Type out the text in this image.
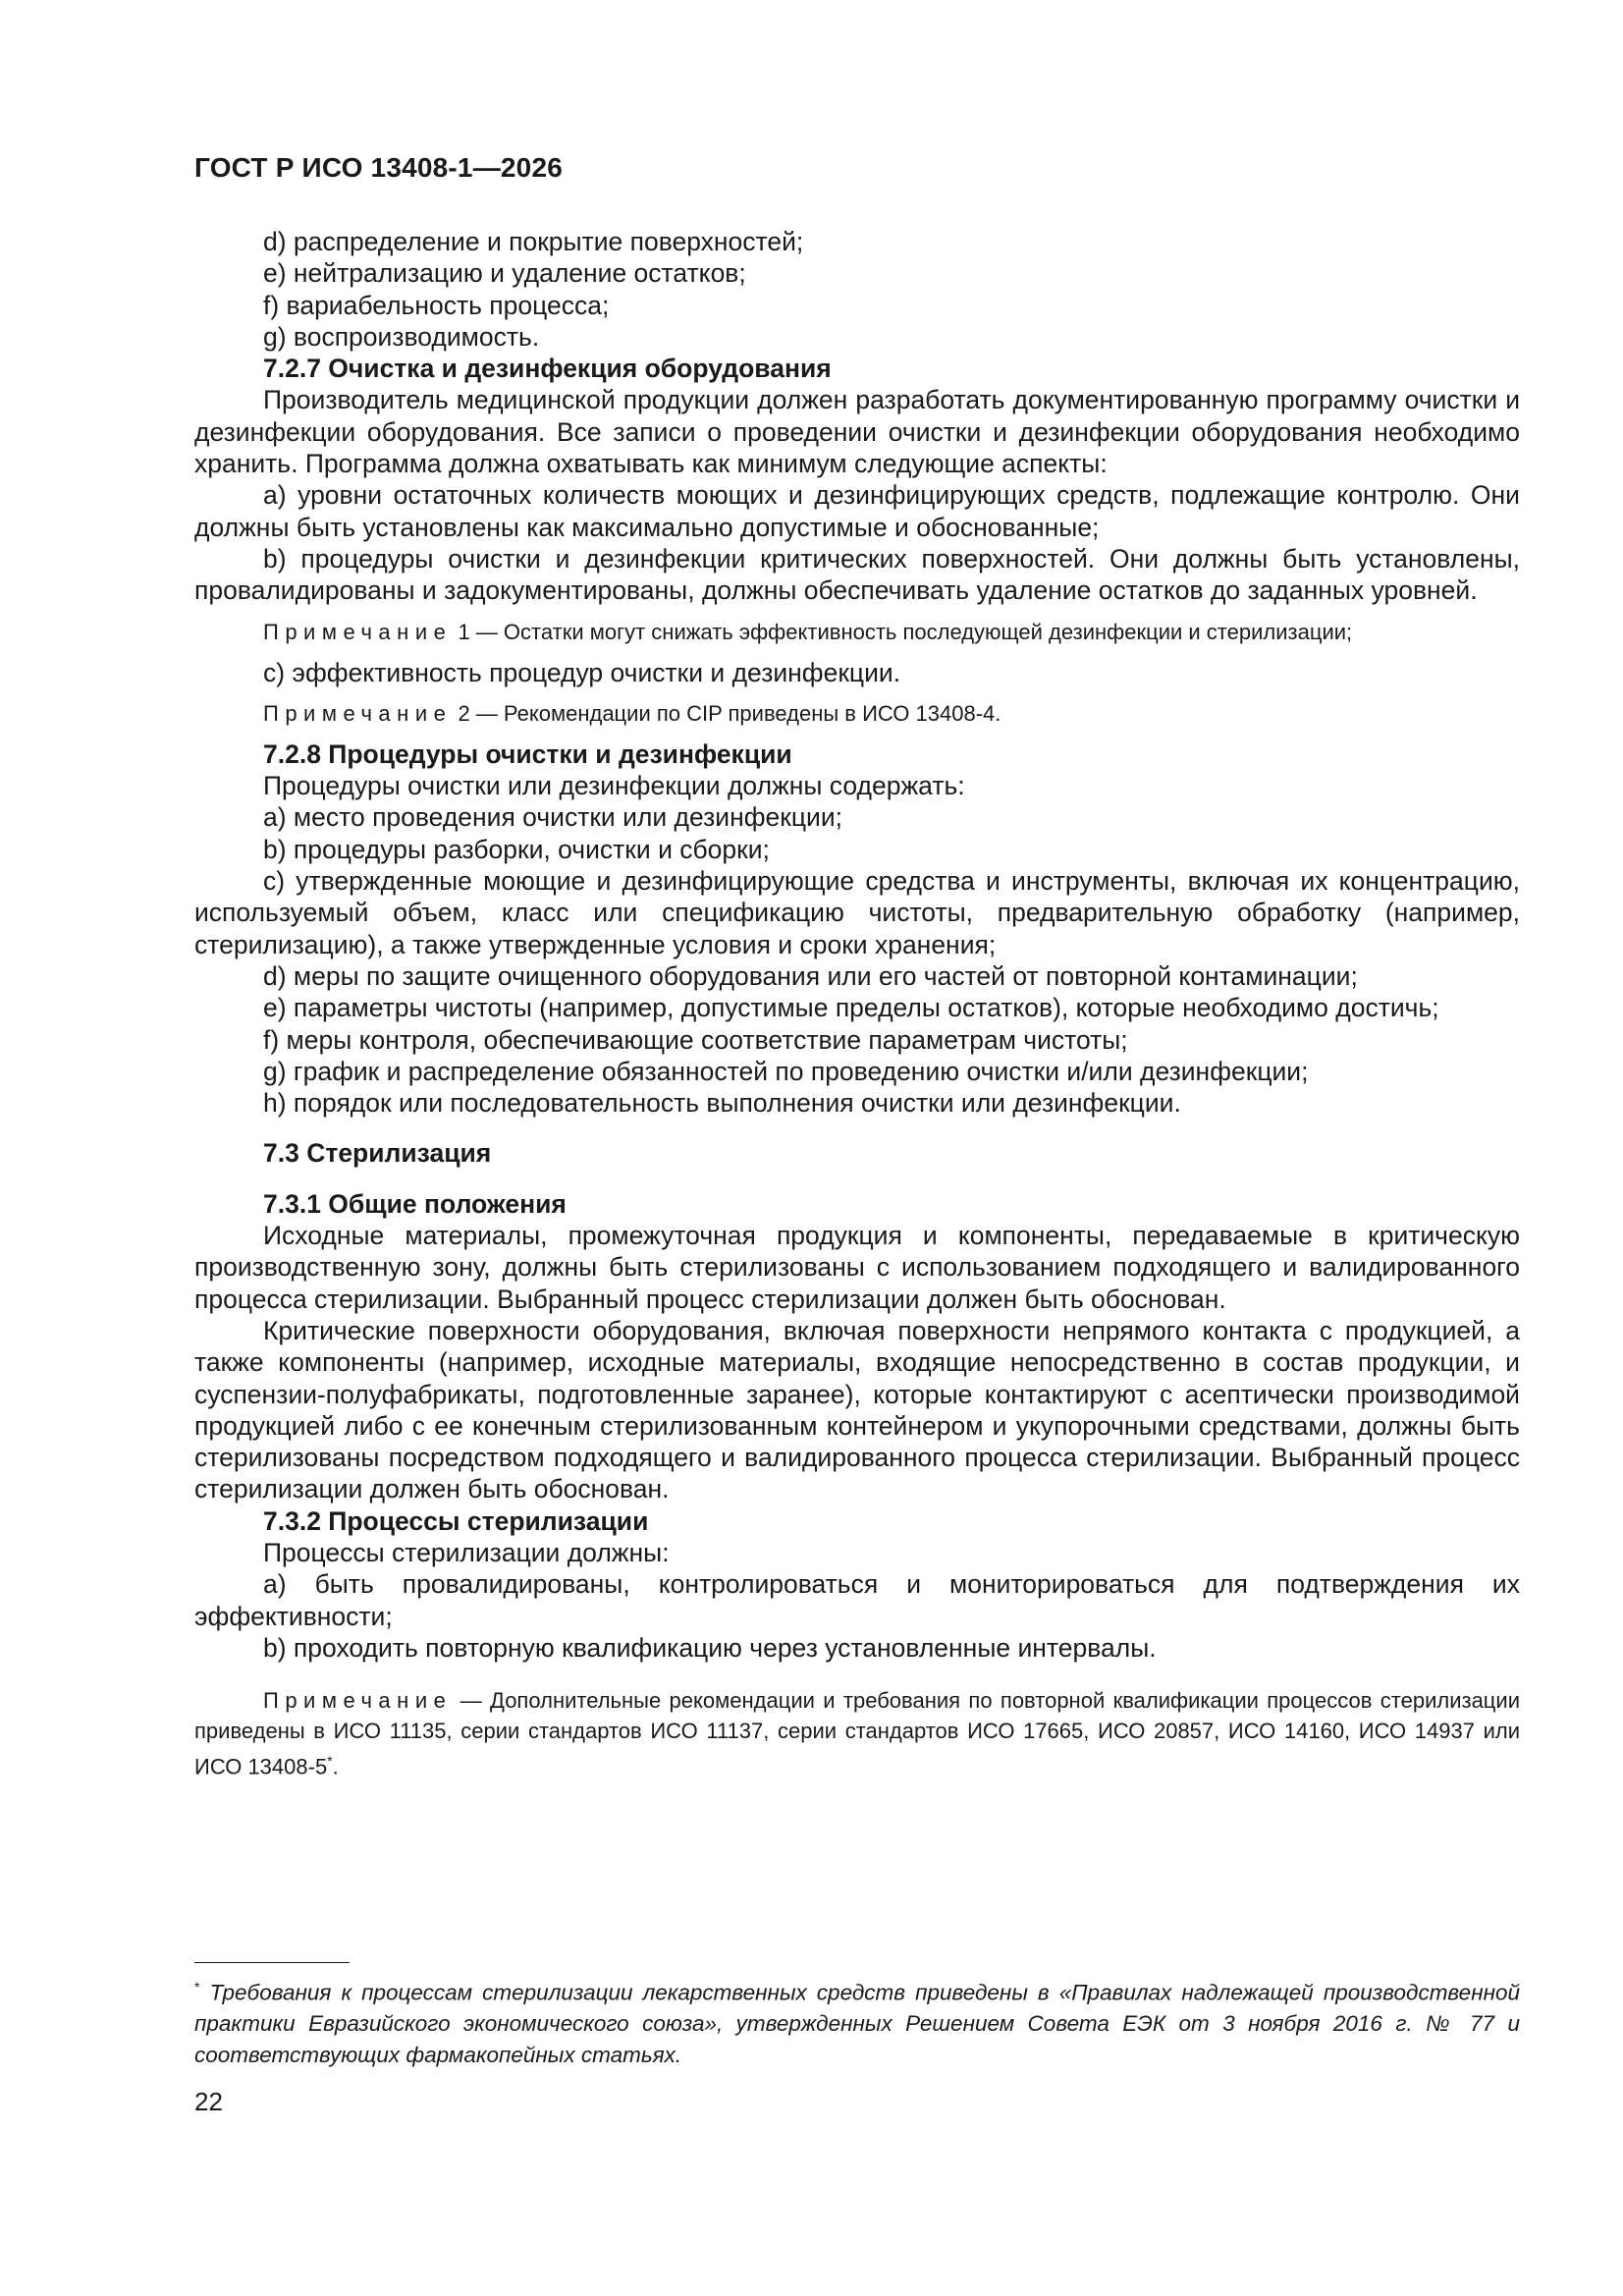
ГОСТ Р ИСО 13408-1—2026

d) распределение и покрытие поверхностей;

e) нейтрализацию и удаление остатков;

f) вариабельность процесса;

g) воспроизводимость.

7.2.7 Очистка и дезинфекция оборудования

Производитель медицинской продукции должен разработать документированную программу очистки и дезинфекции оборудования. Все записи о проведении очистки и дезинфекции оборудования необходимо хранить. Программа должна охватывать как минимум следующие аспекты:

a) уровни остаточных количеств моющих и дезинфицирующих средств, подлежащие контролю. Они должны быть установлены как максимально допустимые и обоснованные;

b) процедуры очистки и дезинфекции критических поверхностей. Они должны быть установлены, провалидированы и задокументированы, должны обеспечивать удаление остатков до заданных уровней.

Примечание 1 — Остатки могут снижать эффективность последующей дезинфекции и стерилизации;

c) эффективность процедур очистки и дезинфекции.

Примечание 2 — Рекомендации по CIP приведены в ИСО 13408-4.

7.2.8 Процедуры очистки и дезинфекции

Процедуры очистки или дезинфекции должны содержать:

a) место проведения очистки или дезинфекции;

b) процедуры разборки, очистки и сборки;

c) утвержденные моющие и дезинфицирующие средства и инструменты, включая их концентрацию, используемый объем, класс или спецификацию чистоты, предварительную обработку (например, стерилизацию), а также утвержденные условия и сроки хранения;

d) меры по защите очищенного оборудования или его частей от повторной контаминации;

e) параметры чистоты (например, допустимые пределы остатков), которые необходимо достичь;

f) меры контроля, обеспечивающие соответствие параметрам чистоты;

g) график и распределение обязанностей по проведению очистки и/или дезинфекции;

h) порядок или последовательность выполнения очистки или дезинфекции.

7.3 Стерилизация

7.3.1 Общие положения

Исходные материалы, промежуточная продукция и компоненты, передаваемые в критическую производственную зону, должны быть стерилизованы с использованием подходящего и валидированного процесса стерилизации. Выбранный процесс стерилизации должен быть обоснован.

Критические поверхности оборудования, включая поверхности непрямого контакта с продукцией, а также компоненты (например, исходные материалы, входящие непосредственно в состав продукции, и суспензии-полуфабрикаты, подготовленные заранее), которые контактируют с асептически производимой продукцией либо с ее конечным стерилизованным контейнером и укупорочными средствами, должны быть стерилизованы посредством подходящего и валидированного процесса стерилизации. Выбранный процесс стерилизации должен быть обоснован.

7.3.2 Процессы стерилизации

Процессы стерилизации должны:

a) быть провалидированы, контролироваться и мониторироваться для подтверждения их эффективности;

b) проходить повторную квалификацию через установленные интервалы.

Примечание — Дополнительные рекомендации и требования по повторной квалификации процессов стерилизации приведены в ИСО 11135, серии стандартов ИСО 11137, серии стандартов ИСО 17665, ИСО 20857, ИСО 14160, ИСО 14937 или ИСО 13408-5*.

* Требования к процессам стерилизации лекарственных средств приведены в «Правилах надлежащей производственной практики Евразийского экономического союза», утвержденных Решением Совета ЕЭК от 3 ноября 2016 г. № 77 и соответствующих фармакопейных статьях.
22
